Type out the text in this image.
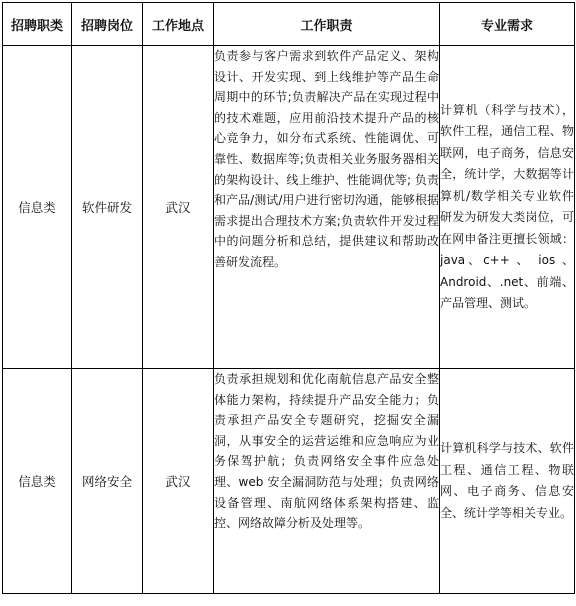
招聘职类	招聘岗位	工作地点	工作职责	专业需求
信息类	软件研发	武汉	负责参与客户需求到软件产品定义、架构设计、开发实现、到上线维护等产品生命周期中的环节;负责解决产品在实现过程中的技术难题，应用前沿技术提升产品的核心竞争力，如分布式系统、性能调优、可靠性、数据库等;负责相关业务服务器相关的架构设计、线上维护、性能调优等; 负责和产品/测试/用户进行密切沟通，能够根据需求提出合理技术方案;负责软件开发过程中的问题分析和总结，提供建议和帮助改善研发流程。	计算机（科学与技术），软件工程，通信工程、物联网，电子商务，信息安全，统计学，大数据等计算机/数学相关专业软件研发为研发大类岗位，可在网申备注更擅长领域：java、c++ 、 ios 、Android、.net、前端、产品管理、测试。

信息类	网络安全	武汉	负责承担规划和优化南航信息产品安全整体能力架构，持续提升产品安全能力；负责承担产品安全专题研究，挖掘安全漏洞，从事安全的运营运维和应急响应为业务保驾护航；负责网络安全事件应急处理、web 安全漏洞防范与处理；负责网络设备管理、南航网络体系架构搭建、监控、网络故障分析及处理等。	计算机科学与技术、软件工程、通信工程、物联网、电子商务、信息安全、统计学等相关专业。
